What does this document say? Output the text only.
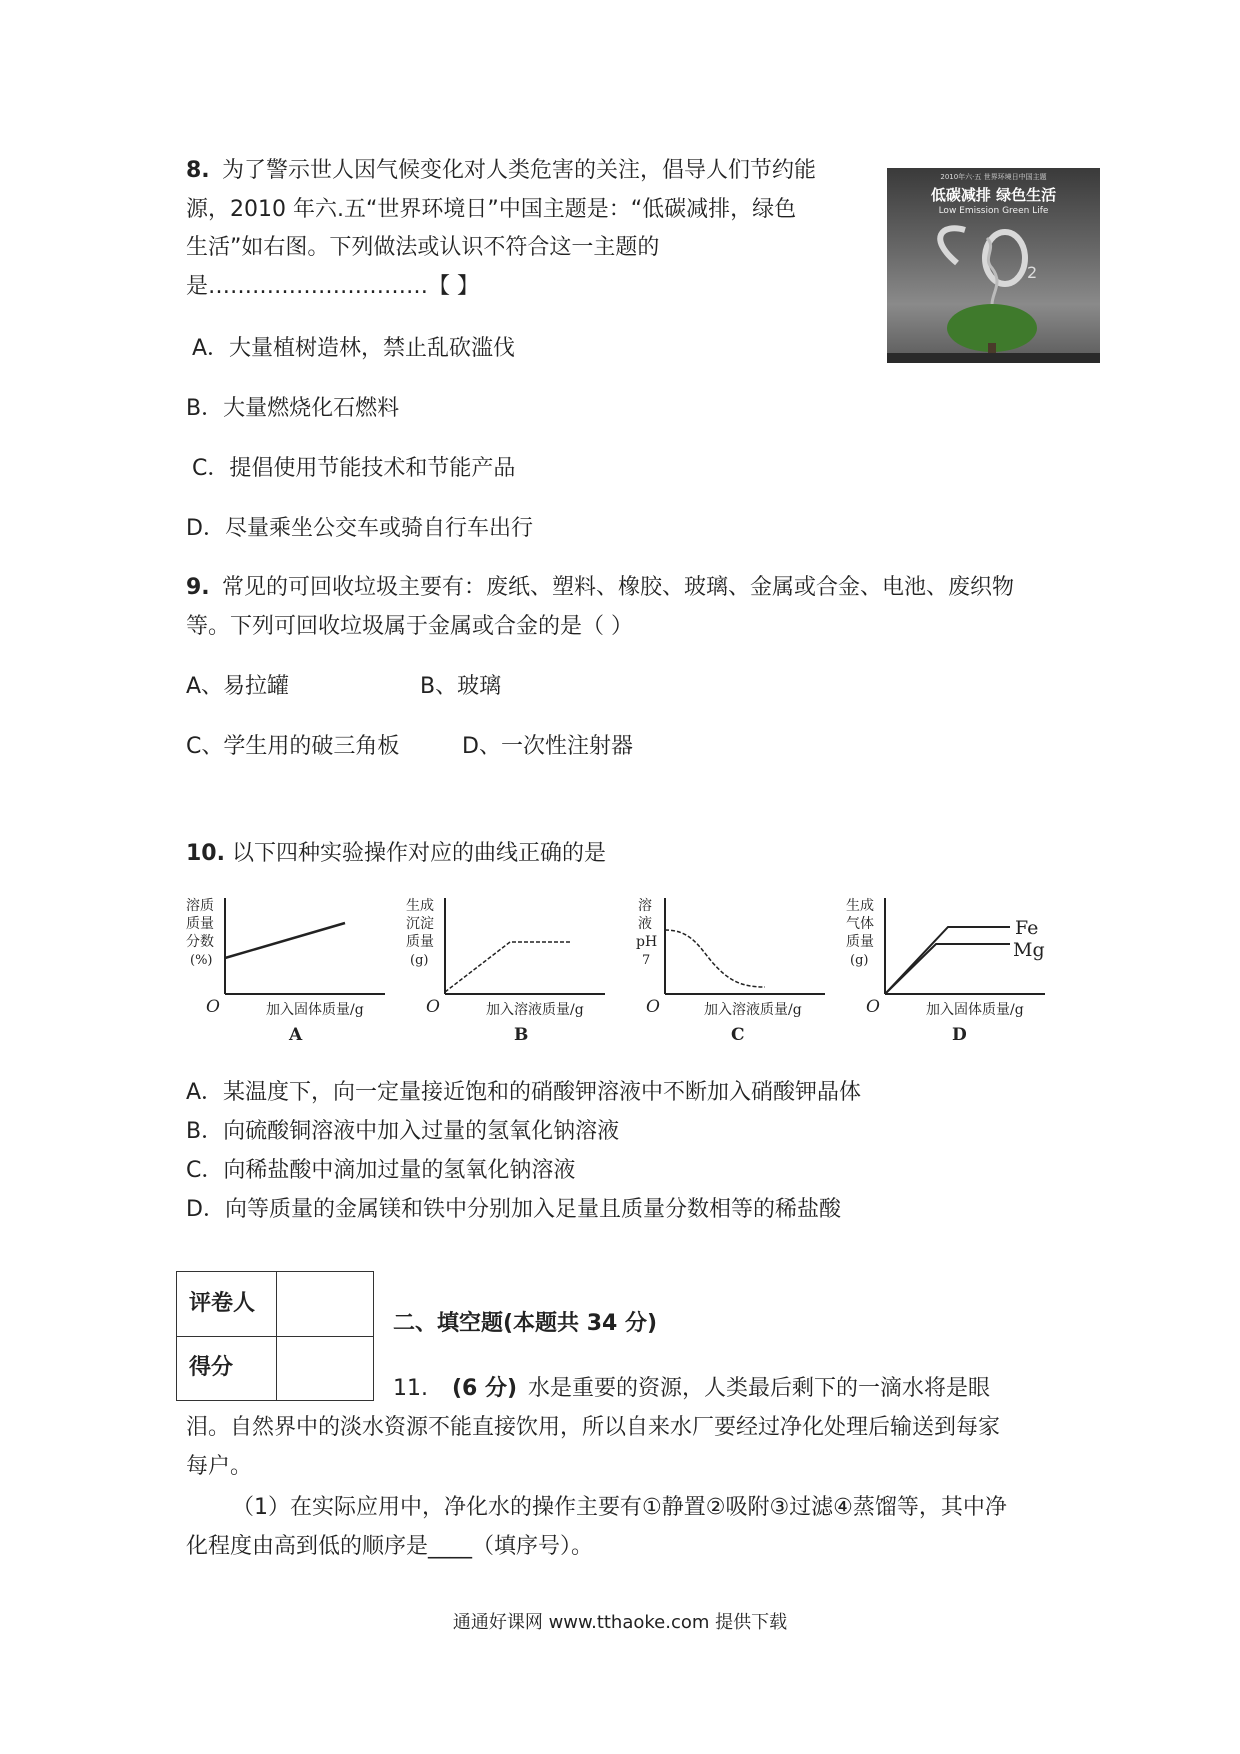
8. 为了警示世人因气候变化对人类危害的关注，倡导人们节约能
源，2010 年六.五“世界环境日”中国主题是：“低碳减排，绿色
生活”如右图。下列做法或认识不符合这一主题的
是…………………………【 】
2010年六·五 世界环境日中国主题
低碳减排 绿色生活
Low Emission Green Life
2
A．大量植树造林，禁止乱砍滥伐
B．大量燃烧化石燃料
C．提倡使用节能技术和节能产品
D．尽量乘坐公交车或骑自行车出行
9. 常见的可回收垃圾主要有：废纸、塑料、橡胶、玻璃、金属或合金、电池、废织物
等。下列可回收垃圾属于金属或合金的是（ ）
A、易拉罐	B、玻璃
C、学生用的破三角板	D、一次性注射器
10. 以下四种实验操作对应的曲线正确的是
溶质
质量
分数
(%)
O	加入固体质量/g
A
生成
沉淀
质量
(g)
O	加入溶液质量/g
B
溶
液
pH
7
O	加入溶液质量/g
C
生成
气体
质量
(g)
Fe
Mg
O	加入固体质量/g
D
A．某温度下，向一定量接近饱和的硝酸钾溶液中不断加入硝酸钾晶体
B．向硫酸铜溶液中加入过量的氢氧化钠溶液
C．向稀盐酸中滴加过量的氢氧化钠溶液
D．向等质量的金属镁和铁中分别加入足量且质量分数相等的稀盐酸
评卷人
得分
二、填空题(本题共 34 分)
11. (6 分) 水是重要的资源，人类最后剩下的一滴水将是眼
泪。自然界中的淡水资源不能直接饮用，所以自来水厂要经过净化处理后输送到每家
每户。
（1）在实际应用中，净化水的操作主要有①静置②吸附③过滤④蒸馏等，其中净
化程度由高到低的顺序是____（填序号）。
通通好课网 www.tthaoke.com 提供下载
